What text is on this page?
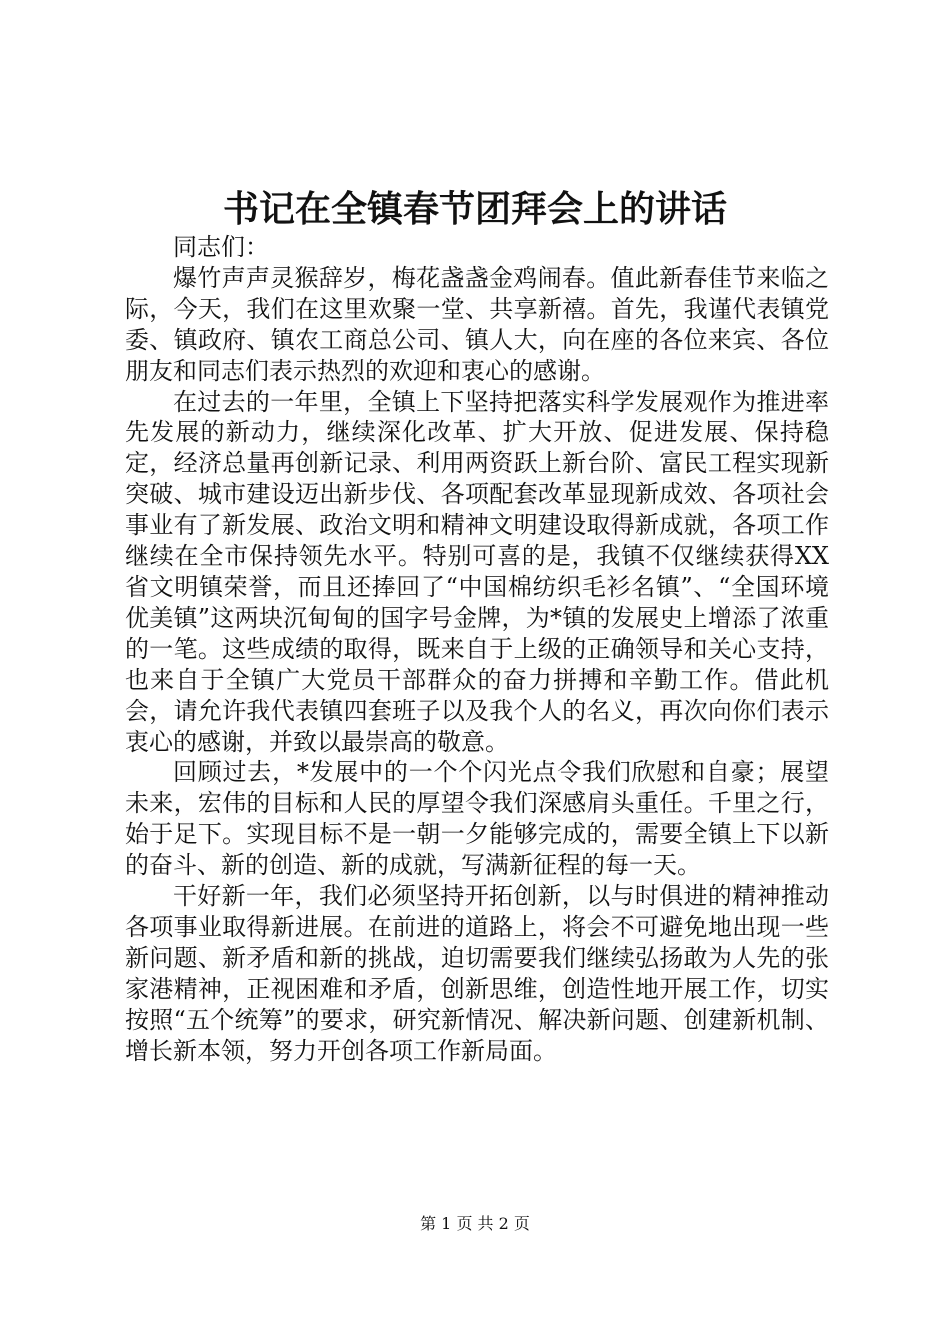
书记在全镇春节团拜会上的讲话

同志们：

爆竹声声灵猴辞岁，梅花盏盏金鸡闹春。值此新春佳节来临之际，今天，我们在这里欢聚一堂、共享新禧。首先，我谨代表镇党委、镇政府、镇农工商总公司、镇人大，向在座的各位来宾、各位朋友和同志们表示热烈的欢迎和衷心的感谢。

在过去的一年里，全镇上下坚持把落实科学发展观作为推进率先发展的新动力，继续深化改革、扩大开放、促进发展、保持稳定，经济总量再创新记录、利用两资跃上新台阶、富民工程实现新突破、城市建设迈出新步伐、各项配套改革显现新成效、各项社会事业有了新发展、政治文明和精神文明建设取得新成就，各项工作继续在全市保持领先水平。特别可喜的是，我镇不仅继续获得XX省文明镇荣誉，而且还捧回了“中国棉纺织毛衫名镇”、“全国环境优美镇”这两块沉甸甸的国字号金牌，为*镇的发展史上增添了浓重的一笔。这些成绩的取得，既来自于上级的正确领导和关心支持，也来自于全镇广大党员干部群众的奋力拼搏和辛勤工作。借此机会，请允许我代表镇四套班子以及我个人的名义，再次向你们表示衷心的感谢，并致以最崇高的敬意。

回顾过去，*发展中的一个个闪光点令我们欣慰和自豪；展望未来，宏伟的目标和人民的厚望令我们深感肩头重任。千里之行，始于足下。实现目标不是一朝一夕能够完成的，需要全镇上下以新的奋斗、新的创造、新的成就，写满新征程的每一天。

干好新一年，我们必须坚持开拓创新，以与时俱进的精神推动各项事业取得新进展。在前进的道路上，将会不可避免地出现一些新问题、新矛盾和新的挑战，迫切需要我们继续弘扬敢为人先的张家港精神，正视困难和矛盾，创新思维，创造性地开展工作，切实按照“五个统筹”的要求，研究新情况、解决新问题、创建新机制、增长新本领，努力开创各项工作新局面。

第 1 页 共 2 页
